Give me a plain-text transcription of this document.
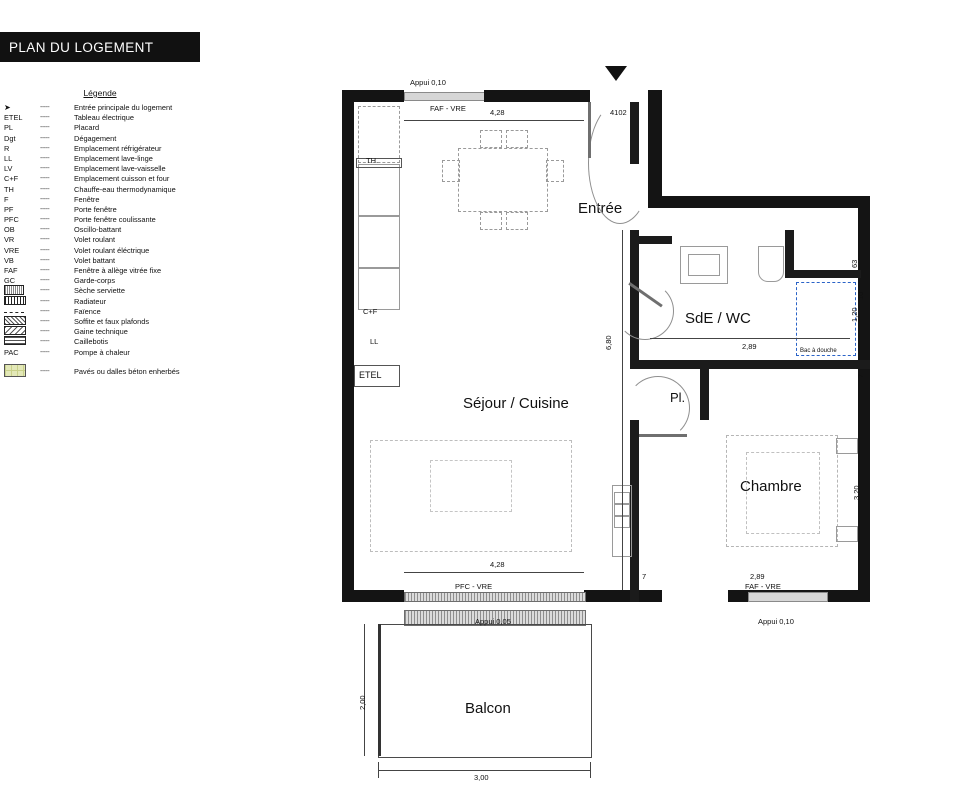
PLAN DU LOGEMENT
Légende
➤	-----	Entrée principale du logement
ETEL	-----	Tableau électrique
PL	-----	Placard
Dgt	-----	Dégagement
R	-----	Emplacement réfrigérateur
LL	-----	Emplacement lave-linge
LV	-----	Emplacement lave-vaisselle
C+F	-----	Emplacement cuisson et four
TH	-----	Chauffe-eau thermodynamique
F	-----	Fenêtre
PF	-----	Porte fenêtre
PFC	-----	Porte fenêtre coulissante
OB	-----	Oscillo-battant
VR	-----	Volet roulant
VRE	-----	Volet roulant éléctrique
VB	-----	Volet battant
FAF	-----	Fenêtre à allège vitrée fixe
GC	-----	Garde-corps
-----	Sèche serviette
-----	Radiateur
-----	Faïence
-----	Soffite et faux plafonds
-----	Gaine technique
-----	Caillebotis
PAC	-----	Pompe à chaleur
-----	Pavés ou dalles béton enherbés
Entrée
SdE / WC
Séjour / Cuisine
Chambre
Balcon
Pl.
C+F
LL
TH.
ETEL
Bac à douche
Appui 0,10
FAF - VRE
PFC - VRE	FAF - VRE
Appui 0,05	Appui 0,10
4,28	4102
6,80	2,89
1,20
63
10
7
3,20
2,89
4,28
7
2,00
3,00
